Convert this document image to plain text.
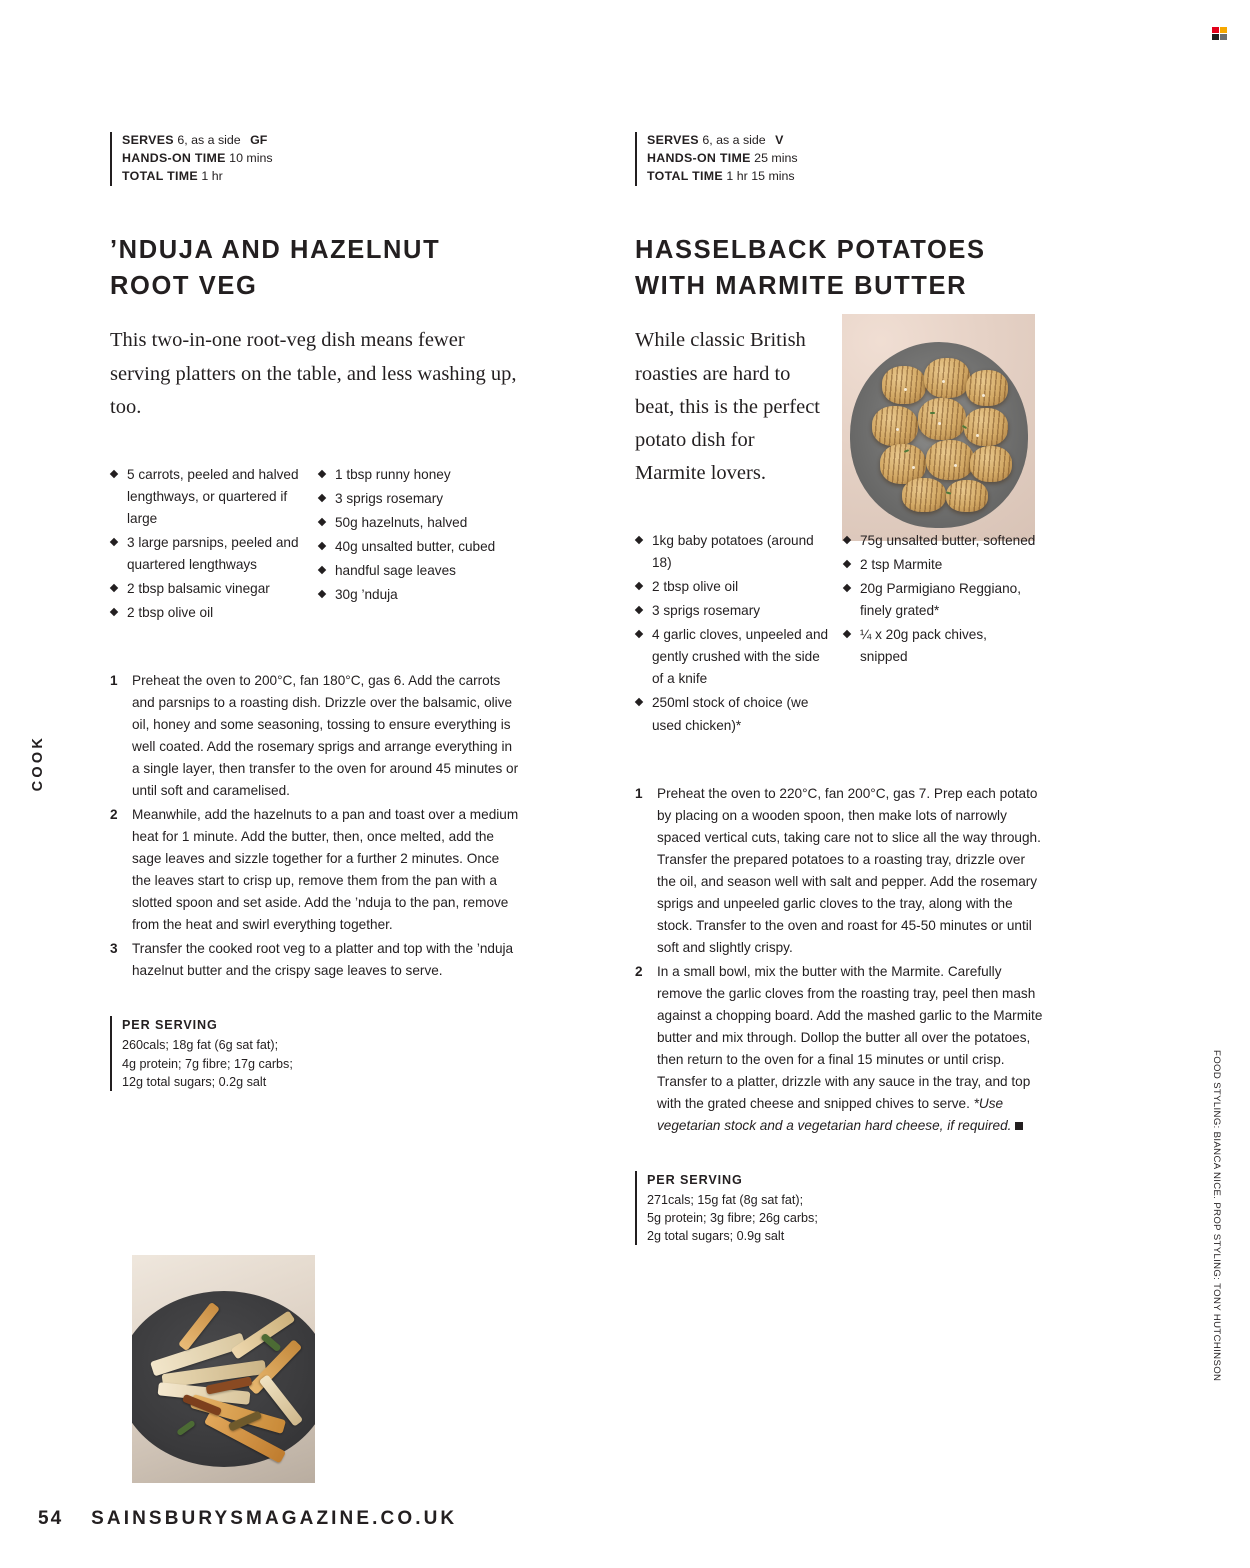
COOK
FOOD STYLING: BIANCA NICE. PROP STYLING: TONY HUTCHINSON
SERVES 6, as a side GF
HANDS-ON TIME 10 mins
TOTAL TIME 1 hr
’NDUJA AND HAZELNUT ROOT VEG
This two-in-one root-veg dish means fewer serving platters on the table, and less washing up, too.
5 carrots, peeled and halved lengthways, or quartered if large
3 large parsnips, peeled and quartered lengthways
2 tbsp balsamic vinegar
2 tbsp olive oil
1 tbsp runny honey
3 sprigs rosemary
50g hazelnuts, halved
40g unsalted butter, cubed
handful sage leaves
30g ’nduja
1 Preheat the oven to 200°C, fan 180°C, gas 6. Add the carrots and parsnips to a roasting dish. Drizzle over the balsamic, olive oil, honey and some seasoning, tossing to ensure everything is well coated. Add the rosemary sprigs and arrange everything in a single layer, then transfer to the oven for around 45 minutes or until soft and caramelised.
2 Meanwhile, add the hazelnuts to a pan and toast over a medium heat for 1 minute. Add the butter, then, once melted, add the sage leaves and sizzle together for a further 2 minutes. Once the leaves start to crisp up, remove them from the pan with a slotted spoon and set aside. Add the ’nduja to the pan, remove from the heat and swirl everything together.
3 Transfer the cooked root veg to a platter and top with the ’nduja hazelnut butter and the crispy sage leaves to serve.
PER SERVING
260cals; 18g fat (6g sat fat);
4g protein; 7g fibre; 17g carbs;
12g total sugars; 0.2g salt
SERVES 6, as a side V
HANDS-ON TIME 25 mins
TOTAL TIME 1 hr 15 mins
HASSELBACK POTATOES WITH MARMITE BUTTER
While classic British roasties are hard to beat, this is the perfect potato dish for Marmite lovers.
1kg baby potatoes (around 18)
2 tbsp olive oil
3 sprigs rosemary
4 garlic cloves, unpeeled and gently crushed with the side of a knife
250ml stock of choice (we used chicken)*
75g unsalted butter, softened
2 tsp Marmite
20g Parmigiano Reggiano, finely grated*
¼ x 20g pack chives, snipped
1 Preheat the oven to 220°C, fan 200°C, gas 7. Prep each potato by placing on a wooden spoon, then make lots of narrowly spaced vertical cuts, taking care not to slice all the way through. Transfer the prepared potatoes to a roasting tray, drizzle over the oil, and season well with salt and pepper. Add the rosemary sprigs and unpeeled garlic cloves to the tray, along with the stock. Transfer to the oven and roast for 45-50 minutes or until soft and slightly crispy.
2 In a small bowl, mix the butter with the Marmite. Carefully remove the garlic cloves from the roasting tray, peel then mash against a chopping board. Add the mashed garlic to the Marmite butter and mix through. Dollop the butter all over the potatoes, then return to the oven for a final 15 minutes or until crisp. Transfer to a platter, drizzle with any sauce in the tray, and top with the grated cheese and snipped chives to serve. *Use vegetarian stock and a vegetarian hard cheese, if required.
PER SERVING
271cals; 15g fat (8g sat fat);
5g protein; 3g fibre; 26g carbs;
2g total sugars; 0.9g salt
54 SAINSBURYSMAGAZINE.CO.UK
